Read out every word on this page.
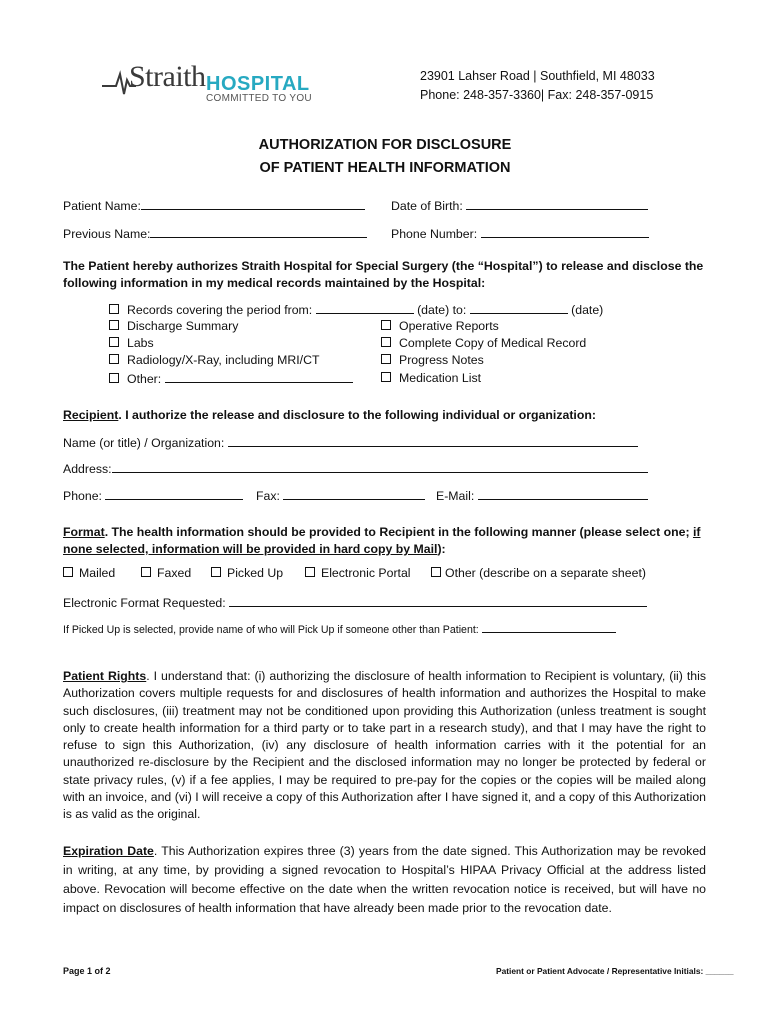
Straith HOSPITAL
COMMITTED TO YOU
23901 Lahser Road | Southfield, MI 48033
Phone: 248-357-3360| Fax: 248-357-0915
AUTHORIZATION FOR DISCLOSURE
OF PATIENT HEALTH INFORMATION
Patient Name:	Date of Birth:
Previous Name:	Phone Number:
The Patient hereby authorizes Straith Hospital for Special Surgery (the “Hospital”) to release and disclose the following information in my medical records maintained by the Hospital:
Records covering the period from:	(date) to:	(date)
Discharge Summary
Labs
Radiology/X-Ray, including MRI/CT
Other:
Operative Reports
Complete Copy of Medical Record
Progress Notes
Medication List
Recipient. I authorize the release and disclosure to the following individual or organization:
Name (or title) / Organization:
Address:
Phone:	Fax:	E-Mail:
Format. The health information should be provided to Recipient in the following manner (please select one; if none selected, information will be provided in hard copy by Mail):
Mailed	Faxed	Picked Up	Electronic Portal	Other (describe on a separate sheet)
Electronic Format Requested:
If Picked Up is selected, provide name of who will Pick Up if someone other than Patient:
Patient Rights. I understand that: (i) authorizing the disclosure of health information to Recipient is voluntary, (ii) this Authorization covers multiple requests for and disclosures of health information and authorizes the Hospital to make such disclosures, (iii) treatment may not be conditioned upon providing this Authorization (unless treatment is sought only to create health information for a third party or to take part in a research study), and that I may have the right to refuse to sign this Authorization, (iv) any disclosure of health information carries with it the potential for an unauthorized re-disclosure by the Recipient and the disclosed information may no longer be protected by federal or state privacy rules, (v) if a fee applies, I may be required to pre-pay for the copies or the copies will be mailed along with an invoice, and (vi) I will receive a copy of this Authorization after I have signed it, and a copy of this Authorization is as valid as the original.
Expiration Date. This Authorization expires three (3) years from the date signed. This Authorization may be revoked in writing, at any time, by providing a signed revocation to Hospital’s HIPAA Privacy Official at the address listed above. Revocation will become effective on the date when the written revocation notice is received, but will have no impact on disclosures of health information that have already been made prior to the revocation date.
Page 1 of 2	Patient or Patient Advocate / Representative Initials: ______
